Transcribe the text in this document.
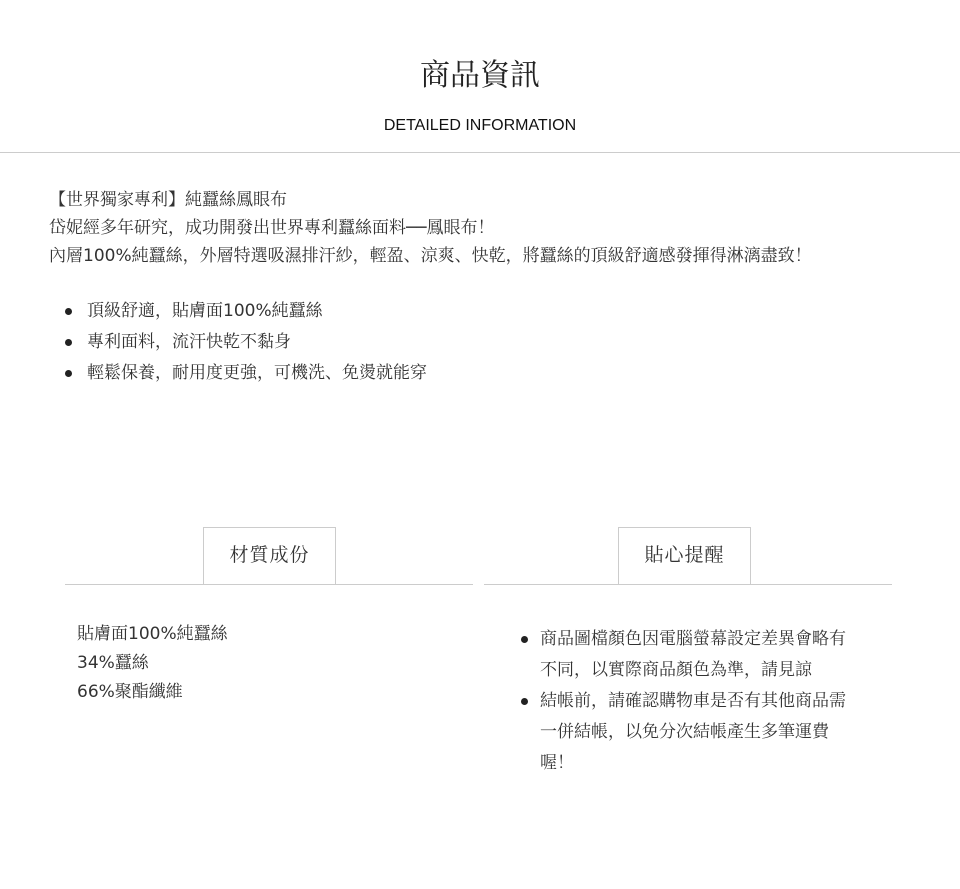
商品資訊
DETAILED INFORMATION

【世界獨家專利】純蠶絲鳳眼布

岱妮經多年研究，成功開發出世界專利蠶絲面料──鳳眼布！

內層100%純蠶絲，外層特選吸濕排汗紗，輕盈、涼爽、快乾，將蠶絲的頂級舒適感發揮得淋漓盡致！

頂級舒適，貼膚面100%純蠶絲
專利面料，流汗快乾不黏身
輕鬆保養，耐用度更強，可機洗、免燙就能穿
材質成份	貼心提醒

貼膚面100%純蠶絲

34%蠶絲

66%聚酯纖維

商品圖檔顏色因電腦螢幕設定差異會略有不同，以實際商品顏色為準，請見諒
結帳前，請確認購物車是否有其他商品需一併結帳，以免分次結帳產生多筆運費喔！
